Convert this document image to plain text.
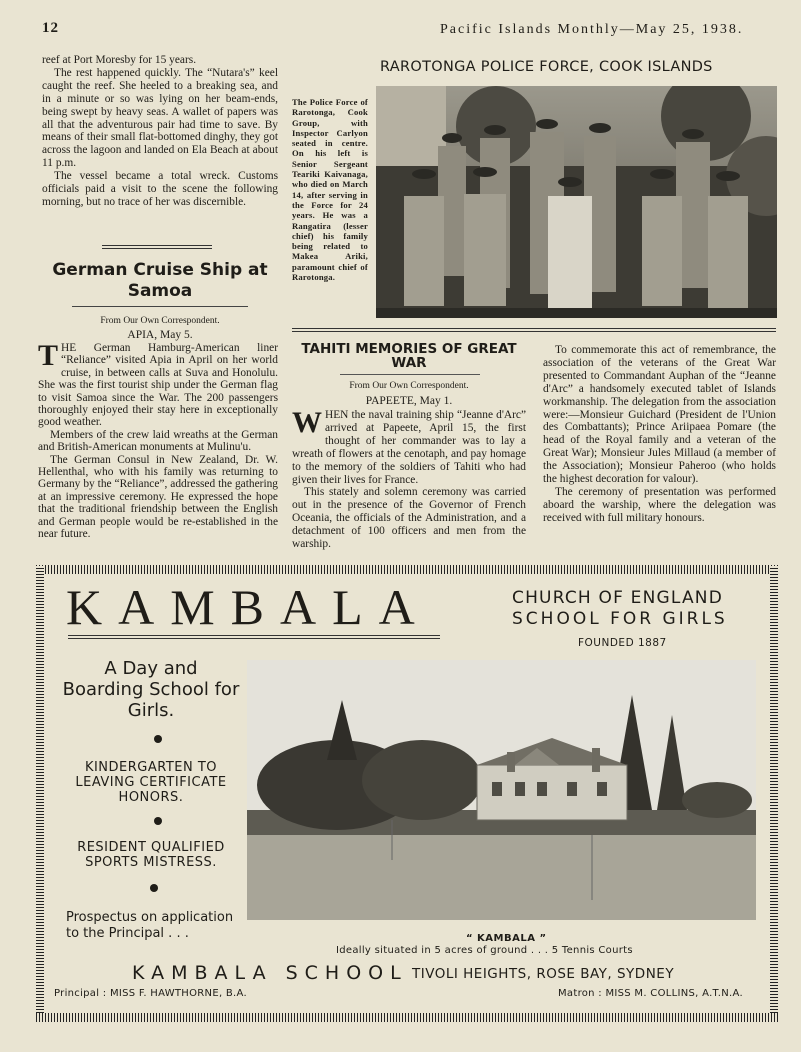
12	Pacific Islands Monthly—May 25, 1938.

reef at Port Moresby for 15 years.

The rest happened quickly. The “Nutara's” keel caught the reef. She heeled to a breaking sea, and in a minute or so was lying on her beam-ends, being swept by heavy seas. A wallet of papers was all that the adventurous pair had time to save. By means of their small flat-bottomed dinghy, they got across the lagoon and landed on Ela Beach at about 11 p.m.

The vessel became a total wreck. Customs officials paid a visit to the scene the following morning, but no trace of her was discernible.

German Cruise Ship at Samoa
From Our Own Correspondent.
APIA, May 5.

THE German Hamburg-American liner “Reliance” visited Apia in April on her world cruise, in between calls at Suva and Honolulu. She was the first tourist ship under the German flag to visit Samoa since the War. The 200 passengers thoroughly enjoyed their stay here in exceptionally good weather.

Members of the crew laid wreaths at the German and British-American monuments at Mulinu'u.

The German Consul in New Zealand, Dr. W. Hellenthal, who with his family was returning to Germany by the “Reliance”, addressed the gathering at an impressive ceremony. He expressed the hope that the traditional friendship between the English and German people would be re-established in the near future.

RAROTONGA POLICE FORCE, COOK ISLANDS
The Police Force of Rarotonga, Cook Group, with Inspector Carlyon seated in centre. On his left is Senior Sergeant Teariki Kaivanaga, who died on March 14, after serving in the Force for 24 years. He was a Rangatira (lesser chief) his family being related to Makea Ariki, paramount chief of Rarotonga.
TAHITI MEMORIES OF GREAT WAR
From Our Own Correspondent.
PAPEETE, May 1.

WHEN the naval training ship “Jeanne d'Arc” arrived at Papeete, April 15, the first thought of her commander was to lay a wreath of flowers at the cenotaph, and pay homage to the memory of the soldiers of Tahiti who had given their lives for France.

This stately and solemn ceremony was carried out in the presence of the Governor of French Oceania, the officials of the Administration, and a detachment of 100 officers and men from the warship.

To commemorate this act of remembrance, the association of the veterans of the Great War presented to Commandant Auphan of the “Jeanne d'Arc” a handsomely executed tablet of Islands workmanship. The delegation from the association were:—Monsieur Guichard (President de l'Union des Combattants); Prince Ariipaea Pomare (the head of the Royal family and a veteran of the Great War); Monsieur Jules Millaud (a member of the Association); Monsieur Paheroo (who holds the highest decoration for valour).

The ceremony of presentation was performed aboard the warship, where the delegation was received with full military honours.

KAMBALA	CHURCH OF ENGLAND
SCHOOL FOR GIRLS
FOUNDED 1887
A Day and Boarding School for Girls.
KINDERGARTEN TO LEAVING CERTIFICATE HONORS.
RESIDENT QUALIFIED SPORTS MISTRESS.
Prospectus on application to the Principal . . .	“ KAMBALA ”
Ideally situated in 5 acres of ground . . . 5 Tennis Courts
KAMBALA SCHOOL TIVOLI HEIGHTS, ROSE BAY, SYDNEY
Principal : MISS F. HAWTHORNE, B.A.	Matron : MISS M. COLLINS, A.T.N.A.
